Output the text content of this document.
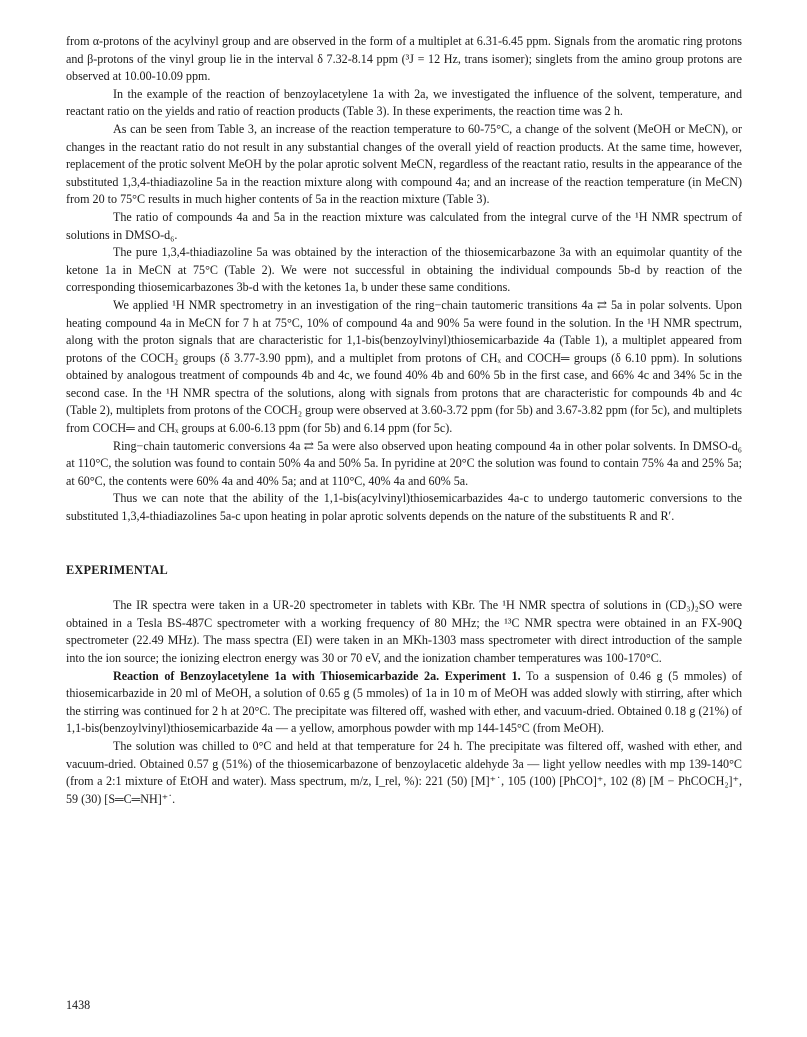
from α-protons of the acylvinyl group and are observed in the form of a multiplet at 6.31-6.45 ppm. Signals from the aromatic ring protons and β-protons of the vinyl group lie in the interval δ 7.32-8.14 ppm (³J = 12 Hz, trans isomer); singlets from the amino group protons are observed at 10.00-10.09 ppm.

In the example of the reaction of benzoylacetylene 1a with 2a, we investigated the influence of the solvent, temperature, and reactant ratio on the yields and ratio of reaction products (Table 3). In these experiments, the reaction time was 2 h.

As can be seen from Table 3, an increase of the reaction temperature to 60-75°C, a change of the solvent (MeOH or MeCN), or changes in the reactant ratio do not result in any substantial changes of the overall yield of reaction products. At the same time, however, replacement of the protic solvent MeOH by the polar aprotic solvent MeCN, regardless of the reactant ratio, results in the appearance of the substituted 1,3,4-thiadiazoline 5a in the reaction mixture along with compound 4a; and an increase of the reaction temperature (in MeCN) from 20 to 75°C results in much higher contents of 5a in the reaction mixture (Table 3).

The ratio of compounds 4a and 5a in the reaction mixture was calculated from the integral curve of the ¹H NMR spectrum of solutions in DMSO-d₆.

The pure 1,3,4-thiadiazoline 5a was obtained by the interaction of the thiosemicarbazone 3a with an equimolar quantity of the ketone 1a in MeCN at 75°C (Table 2). We were not successful in obtaining the individual compounds 5b-d by reaction of the corresponding thiosemicarbazones 3b-d with the ketones 1a, b under these same conditions.

We applied ¹H NMR spectrometry in an investigation of the ring−chain tautomeric transitions 4a ⇄ 5a in polar solvents. Upon heating compound 4a in MeCN for 7 h at 75°C, 10% of compound 4a and 90% 5a were found in the solution. In the ¹H NMR spectrum, along with the proton signals that are characteristic for 1,1-bis(benzoylvinyl)thiosemicarbazide 4a (Table 1), a multiplet appeared from protons of the COCH₂ groups (δ 3.77-3.90 ppm), and a multiplet from protons of CHₓ and COCH═ groups (δ 6.10 ppm). In solutions obtained by analogous treatment of compounds 4b and 4c, we found 40% 4b and 60% 5b in the first case, and 66% 4c and 34% 5c in the second case. In the ¹H NMR spectra of the solutions, along with signals from protons that are characteristic for compounds 4b and 4c (Table 2), multiplets from protons of the COCH₂ group were observed at 3.60-3.72 ppm (for 5b) and 3.67-3.82 ppm (for 5c), and multiplets from COCH═ and CHₓ groups at 6.00-6.13 ppm (for 5b) and 6.14 ppm (for 5c).

Ring−chain tautomeric conversions 4a ⇄ 5a were also observed upon heating compound 4a in other polar solvents. In DMSO-d₆ at 110°C, the solution was found to contain 50% 4a and 50% 5a. In pyridine at 20°C the solution was found to contain 75% 4a and 25% 5a; at 60°C, the contents were 60% 4a and 40% 5a; and at 110°C, 40% 4a and 60% 5a.

Thus we can note that the ability of the 1,1-bis(acylvinyl)thiosemicarbazides 4a-c to undergo tautomeric conversions to the substituted 1,3,4-thiadiazolines 5a-c upon heating in polar aprotic solvents depends on the nature of the substituents R and R′.

EXPERIMENTAL

The IR spectra were taken in a UR-20 spectrometer in tablets with KBr. The ¹H NMR spectra of solutions in (CD₃)₂SO were obtained in a Tesla BS-487C spectrometer with a working frequency of 80 MHz; the ¹³C NMR spectra were obtained in an FX-90Q spectrometer (22.49 MHz). The mass spectra (EI) were taken in an MKh-1303 mass spectrometer with direct introduction of the sample into the ion source; the ionizing electron energy was 30 or 70 eV, and the ionization chamber temperatures was 100-170°C.

Reaction of Benzoylacetylene 1a with Thiosemicarbazide 2a. Experiment 1. To a suspension of 0.46 g (5 mmoles) of thiosemicarbazide in 20 ml of MeOH, a solution of 0.65 g (5 mmoles) of 1a in 10 m of MeOH was added slowly with stirring, after which the stirring was continued for 2 h at 20°C. The precipitate was filtered off, washed with ether, and vacuum-dried. Obtained 0.18 g (21%) of 1,1-bis(benzoylvinyl)thiosemicarbazide 4a — a yellow, amorphous powder with mp 144-145°C (from MeOH).

The solution was chilled to 0°C and held at that temperature for 24 h. The precipitate was filtered off, washed with ether, and vacuum-dried. Obtained 0.57 g (51%) of the thiosemicarbazone of benzoylacetic aldehyde 3a — light yellow needles with mp 139-140°C (from a 2:1 mixture of EtOH and water). Mass spectrum, m/z, I_rel, %): 221 (50) [M]⁺˙, 105 (100) [PhCO]⁺, 102 (8) [M − PhCOCH₂]⁺, 59 (30) [S═C═NH]⁺˙.

1438
